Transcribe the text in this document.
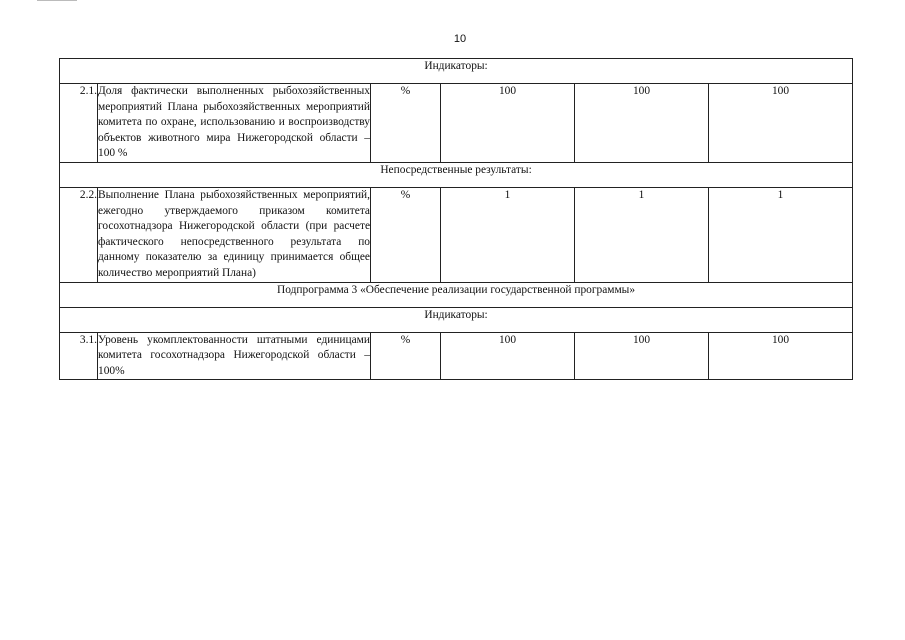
10
Индикаторы:					
2.1.	Доля фактически выполненных рыбохозяйственных мероприятий Плана рыбохозяйственных мероприятий комитета по охране, использованию и воспроизводству объектов животного мира Нижегородской области – 100 %	%	100	100	100
Непосредственные результаты:					
2.2.	Выполнение Плана рыбохозяйственных мероприятий, ежегодно утверждаемого приказом комитета госохотнадзора Нижегородской области (при расчете фактического непосредственного результата по данному показателю за единицу принимается общее количество мероприятий Плана)	%	1	1	1
Подпрограмма 3 «Обеспечение реализации государственной программы»					
Индикаторы:					
3.1.	Уровень укомплектованности штатными единицами комитета госохотнадзора Нижегородской области – 100%	%	100	100	100
